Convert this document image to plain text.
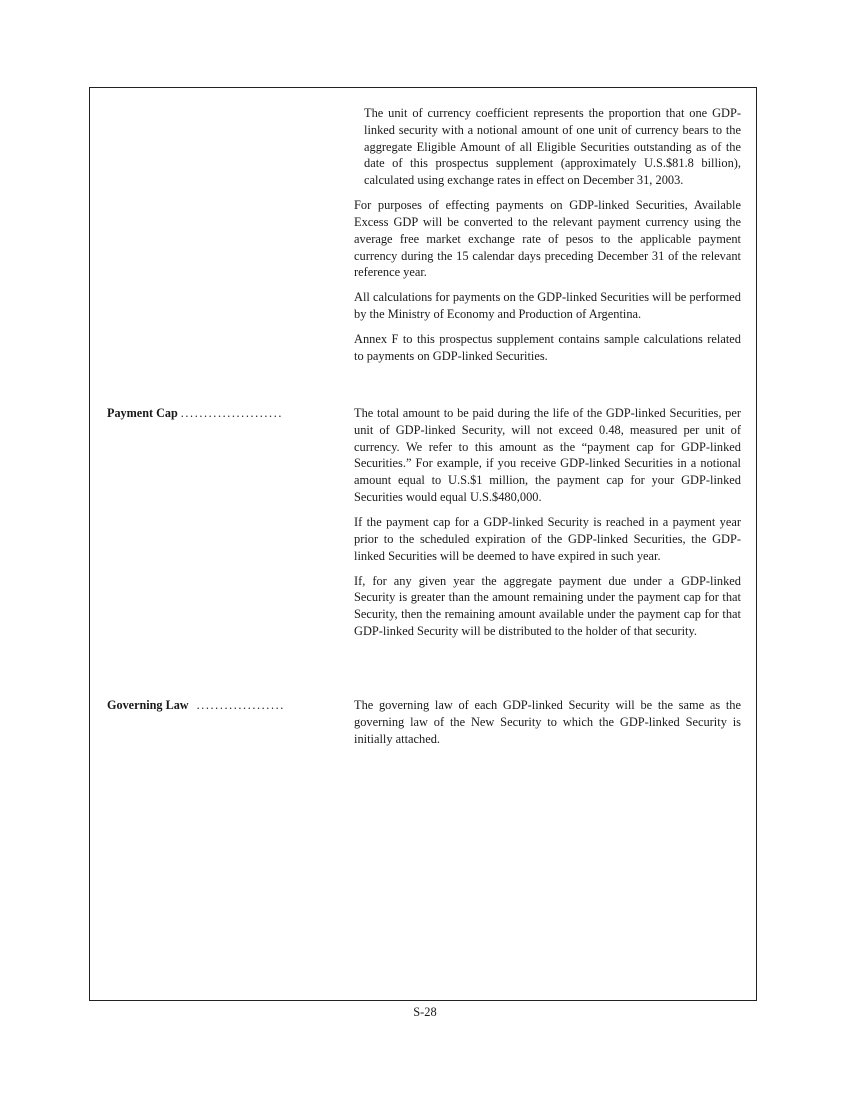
The unit of currency coefficient represents the proportion that one GDP-linked security with a notional amount of one unit of currency bears to the aggregate Eligible Amount of all Eligible Securities outstanding as of the date of this prospectus supplement (approximately U.S.$81.8 billion), calculated using exchange rates in effect on December 31, 2003.

For purposes of effecting payments on GDP-linked Securities, Available Excess GDP will be converted to the relevant payment currency using the average free market exchange rate of pesos to the applicable payment currency during the 15 calendar days preceding December 31 of the relevant reference year.

All calculations for payments on the GDP-linked Securities will be performed by the Ministry of Economy and Production of Argentina.

Annex F to this prospectus supplement contains sample calculations related to payments on GDP-linked Securities.

Payment Cap ......................	The total amount to be paid during the life of the GDP-linked Securities, per unit of GDP-linked Security, will not exceed 0.48, measured per unit of currency. We refer to this amount as the “payment cap for GDP-linked Securities.” For example, if you receive GDP-linked Securities in a notional amount equal to U.S.$1 million, the payment cap for your GDP-linked Securities would equal U.S.$480,000.

If the payment cap for a GDP-linked Security is reached in a payment year prior to the scheduled expiration of the GDP-linked Securities, the GDP-linked Securities will be deemed to have expired in such year.

If, for any given year the aggregate payment due under a GDP-linked Security is greater than the amount remaining under the payment cap for that Security, then the remaining amount available under the payment cap for that GDP-linked Security will be distributed to the holder of that security.

Governing Law ...................	The governing law of each GDP-linked Security will be the same as the governing law of the New Security to which the GDP-linked Security is initially attached.

S-28
